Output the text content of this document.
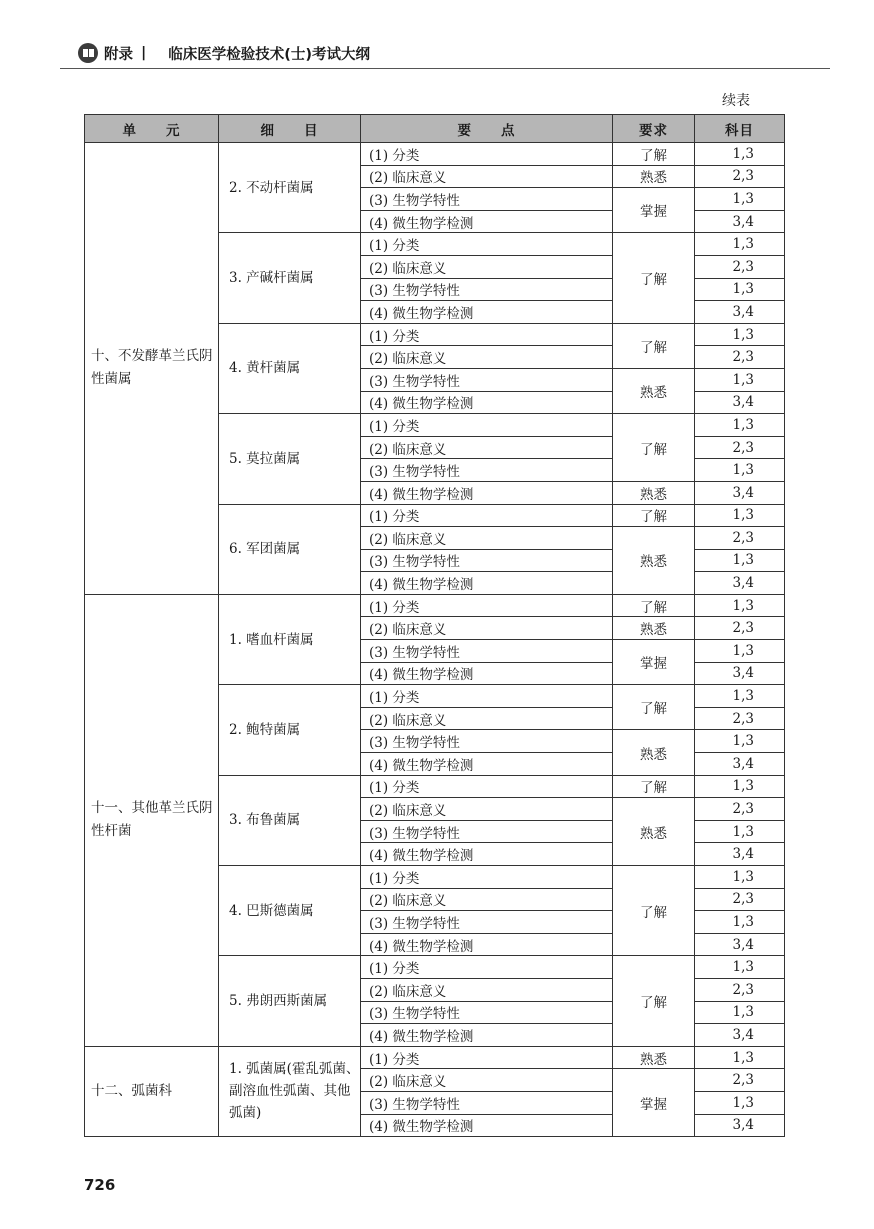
附录 | 临床医学检验技术(士)考试大纲
续表
单　　元	细　　目	要　　点	要求	科目
十、不发酵革兰氏阴性菌属	2. 不动杆菌属	(1) 分类	了解	1,3
		(2) 临床意义	熟悉	2,3
		(3) 生物学特性	掌握	1,3
		(4) 微生物学检测		3,4
	3. 产碱杆菌属	(1) 分类	了解	1,3
		(2) 临床意义		2,3
		(3) 生物学特性		1,3
		(4) 微生物学检测		3,4
	4. 黄杆菌属	(1) 分类	了解	1,3
		(2) 临床意义		2,3
		(3) 生物学特性	熟悉	1,3
		(4) 微生物学检测		3,4
	5. 莫拉菌属	(1) 分类	了解	1,3
		(2) 临床意义		2,3
		(3) 生物学特性		1,3
		(4) 微生物学检测	熟悉	3,4
	6. 军团菌属	(1) 分类	了解	1,3
		(2) 临床意义	熟悉	2,3
		(3) 生物学特性		1,3
		(4) 微生物学检测		3,4
十一、其他革兰氏阴性杆菌	1. 嗜血杆菌属	(1) 分类	了解	1,3
		(2) 临床意义	熟悉	2,3
		(3) 生物学特性	掌握	1,3
		(4) 微生物学检测		3,4
	2. 鲍特菌属	(1) 分类	了解	1,3
		(2) 临床意义		2,3
		(3) 生物学特性	熟悉	1,3
		(4) 微生物学检测		3,4
	3. 布鲁菌属	(1) 分类	了解	1,3
		(2) 临床意义	熟悉	2,3
		(3) 生物学特性		1,3
		(4) 微生物学检测		3,4
	4. 巴斯德菌属	(1) 分类	了解	1,3
		(2) 临床意义		2,3
		(3) 生物学特性		1,3
		(4) 微生物学检测		3,4
	5. 弗朗西斯菌属	(1) 分类	了解	1,3
		(2) 临床意义		2,3
		(3) 生物学特性		1,3
		(4) 微生物学检测		3,4
十二、弧菌科	1. 弧菌属(霍乱弧菌、副溶血性弧菌、其他弧菌)	(1) 分类	熟悉	1,3
		(2) 临床意义	掌握	2,3
		(3) 生物学特性		1,3
		(4) 微生物学检测		3,4
726
